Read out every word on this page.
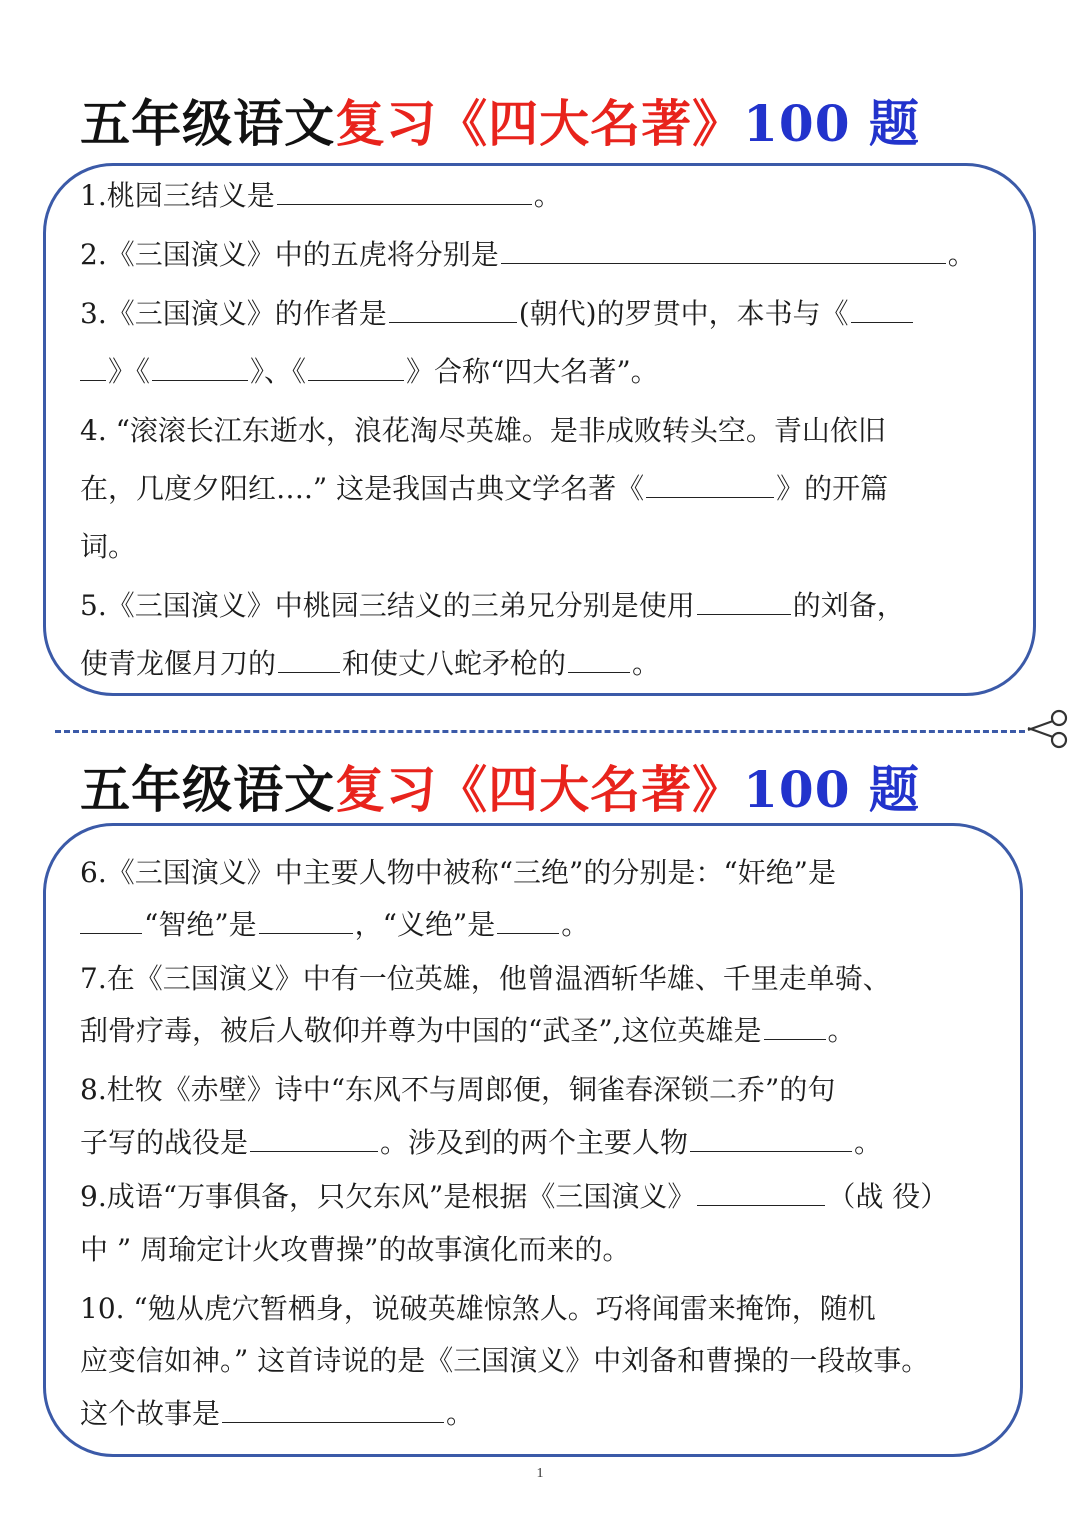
五年级语文复习《四大名著》100 题
1.桃园三结义是	。
2.《三国演义》中的五虎将分别是	。
3.《三国演义》的作者是	(朝代)的罗贯中，本书与《
》《	》、《	》合称“四大名著”。
4. “滚滚长江东逝水，浪花淘尽英雄。是非成败转头空。青山依旧
在，几度夕阳红….” 这是我国古典文学名著《	》的开篇
词。
5.《三国演义》中桃园三结义的三弟兄分别是使用	的刘备，
使青龙偃月刀的 和使丈八蛇矛枪的 。
五年级语文复习《四大名著》100 题
6.《三国演义》中主要人物中被称“三绝”的分别是：“奸绝”是
“智绝”是	，“义绝”是 。
7.在《三国演义》中有一位英雄，他曾温酒斩华雄、千里走单骑、
刮骨疗毒，被后人敬仰并尊为中国的“武圣”,这位英雄是 。
8.杜牧《赤壁》诗中“东风不与周郎便，铜雀春深锁二乔”的句
子写的战役是	。涉及到的两个主要人物	。
9.成语“万事俱备，只欠东风”是根据《三国演义》	（战 役）
中 ” 周瑜定计火攻曹操”的故事演化而来的。
10. “勉从虎穴暂栖身，说破英雄惊煞人。巧将闻雷来掩饰，随机
应变信如神。” 这首诗说的是《三国演义》中刘备和曹操的一段故事。
这个故事是	。
1
